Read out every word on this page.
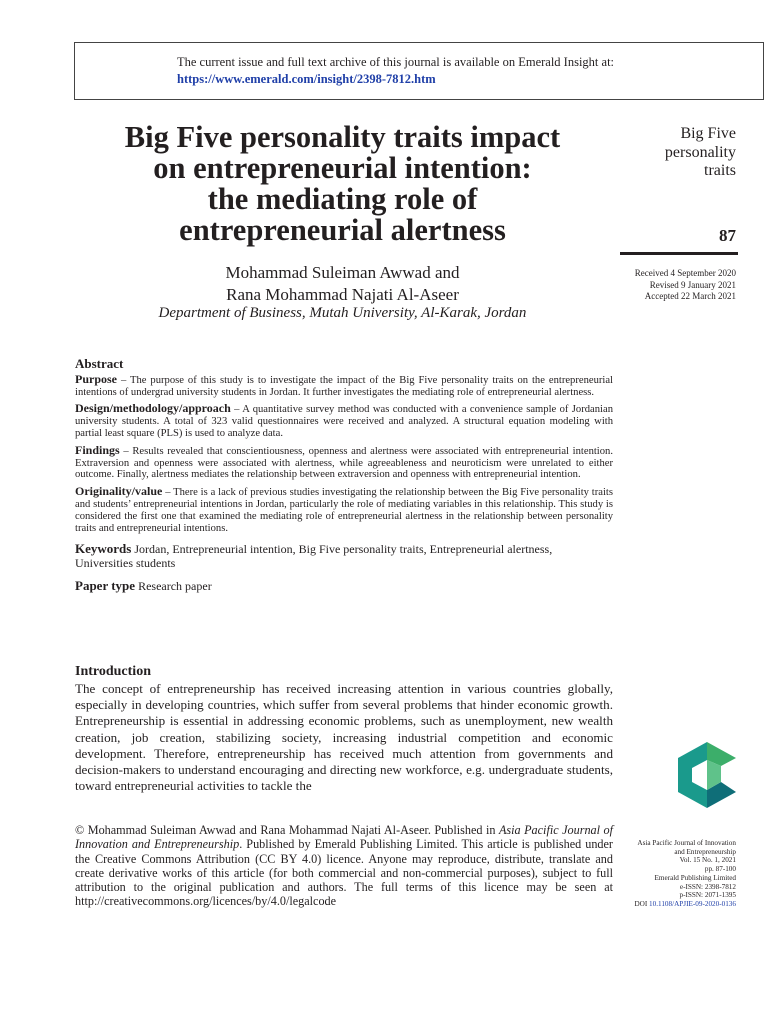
The current issue and full text archive of this journal is available on Emerald Insight at:
https://www.emerald.com/insight/2398-7812.htm
Big Five personality traits impact
on entrepreneurial intention:
the mediating role of
entrepreneurial alertness
Mohammad Suleiman Awwad and
Rana Mohammad Najati Al-Aseer
Department of Business, Mutah University, Al-Karak, Jordan
Big Five
personality
traits
87
Received 4 September 2020
Revised 9 January 2021
Accepted 22 March 2021
Abstract

Purpose – The purpose of this study is to investigate the impact of the Big Five personality traits on the entrepreneurial intentions of undergrad university students in Jordan. It further investigates the mediating role of entrepreneurial alertness.

Design/methodology/approach – A quantitative survey method was conducted with a convenience sample of Jordanian university students. A total of 323 valid questionnaires were received and analyzed. A structural equation modeling with partial least square (PLS) is used to analyze data.

Findings – Results revealed that conscientiousness, openness and alertness were associated with entrepreneurial intention. Extraversion and openness were associated with alertness, while agreeableness and neuroticism were unrelated to either outcome. Finally, alertness mediates the relationship between extraversion and openness with entrepreneurial intention.

Originality/value – There is a lack of previous studies investigating the relationship between the Big Five personality traits and students’ entrepreneurial intentions in Jordan, particularly the role of mediating variables in this relationship. This study is considered the first one that examined the mediating role of entrepreneurial alertness in the relationship between personality traits and entrepreneurial intentions.

Keywords Jordan, Entrepreneurial intention, Big Five personality traits, Entrepreneurial alertness, Universities students
Paper type Research paper
Introduction

The concept of entrepreneurship has received increasing attention in various countries globally, especially in developing countries, which suffer from several problems that hinder economic growth. Entrepreneurship is essential in addressing economic problems, such as unemployment, new wealth creation, job creation, stabilizing society, increasing industrial competition and economic development. Therefore, entrepreneurship has received much attention from governments and decision-makers to understand encouraging and directing new workforce, e.g. undergraduate students, toward entrepreneurial activities to tackle the

© Mohammad Suleiman Awwad and Rana Mohammad Najati Al-Aseer. Published in Asia Pacific Journal of Innovation and Entrepreneurship. Published by Emerald Publishing Limited. This article is published under the Creative Commons Attribution (CC BY 4.0) licence. Anyone may reproduce, distribute, translate and create derivative works of this article (for both commercial and non-commercial purposes), subject to full attribution to the original publication and authors. The full terms of this licence may be seen at http://creativecommons.org/licences/by/4.0/legalcode
Asia Pacific Journal of Innovation
and Entrepreneurship
Vol. 15 No. 1, 2021
pp. 87-100
Emerald Publishing Limited
e-ISSN: 2398-7812
p-ISSN: 2071-1395
DOI 10.1108/APJIE-09-2020-0136
